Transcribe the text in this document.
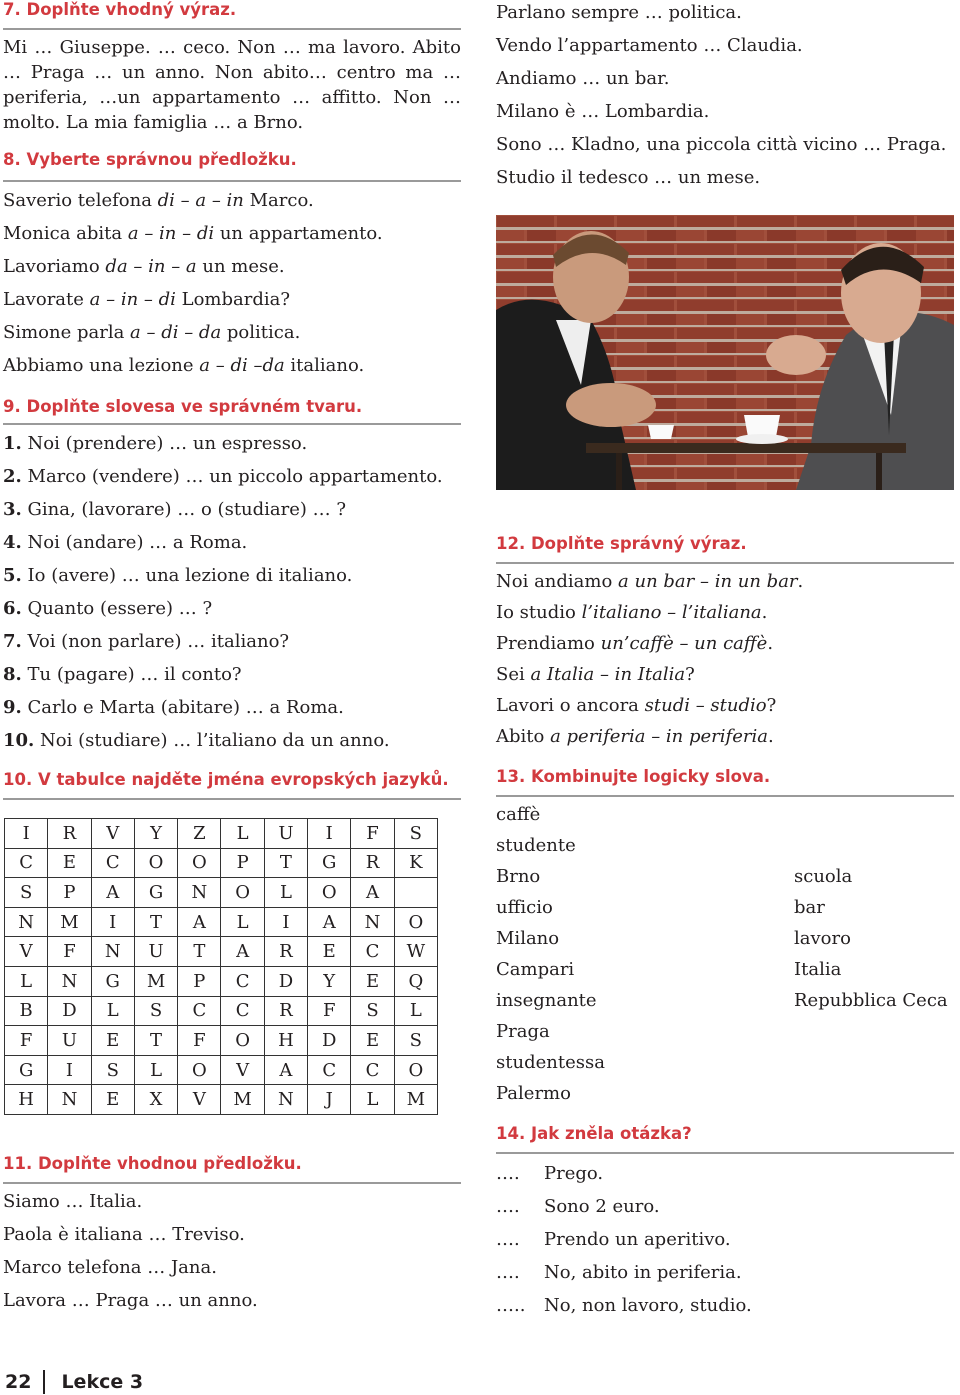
7. Doplňte vhodný výraz.

Mi … Giuseppe. … ceco. Non … ma lavoro. Abito … Praga … un anno. Non abito… centro ma … periferia, …un appartamento … affitto. Non … molto. La mia famiglia … a Brno.

8. Vyberte správnou předložku.
Saverio telefona di – a – in Marco.
Monica abita a – in – di un appartamento.
Lavoriamo da – in – a un mese.
Lavorate a – in – di Lombardia?
Simone parla a – di – da politica.
Abbiamo una lezione a – di –da italiano.
9. Doplňte slovesa ve správném tvaru.
1. Noi (prendere) … un espresso.
2. Marco (vendere) … un piccolo appartamento.
3. Gina, (lavorare) … o (studiare) … ?
4. Noi (andare) … a Roma.
5. Io (avere) … una lezione di italiano.
6. Quanto (essere) … ?
7. Voi (non parlare) … italiano?
8. Tu (pagare) … il conto?
9. Carlo e Marta (abitare) … a Roma.
10. Noi (studiare) … l’italiano da un anno.
10. V tabulce najděte jména evropských jazyků.
11. Doplňte vhodnou předložku.
Siamo … Italia.
Paola è italiana … Treviso.
Marco telefona … Jana.
Lavora … Praga … un anno.
I	R	V	Y	Z	L	U	I	F	S
C	E	C	O	O	P	T	G	R	K
S	P	A	G	N	O	L	O	A	
N	M	I	T	A	L	I	A	N	O
V	F	N	U	T	A	R	E	C	W
L	N	G	M	P	C	D	Y	E	Q
B	D	L	S	C	C	R	F	S	L
F	U	E	T	F	O	H	D	E	S
G	I	S	L	O	V	A	C	C	O
H	N	E	X	V	M	N	J	L	M
Parlano sempre … politica.
Vendo l’appartamento … Claudia.
Andiamo … un bar.
Milano è … Lombardia.
Sono … Kladno, una piccola città vicino … Praga.
Studio il tedesco … un mese.
12. Doplňte správný výraz.
Noi andiamo a un bar – in un bar.
Io studio l’italiano – l’italiana.
Prendiamo un’caffè – un caffè.
Sei a Italia – in Italia?
Lavori o ancora studi – studio?
Abito a periferia – in periferia.
13. Kombinujte logicky slova.
caffè
studente
Brno
ufficio
Milano
Campari
insegnante
Praga
studentessa
Palermo
scuola
bar
lavoro
Italia
Repubblica Ceca
14. Jak zněla otázka?
…. Prego.
…. Sono 2 euro.
…. Prendo un aperitivo.
…. No, abito in periferia.
….. No, non lavoro, studio.
22 Lekce 3
